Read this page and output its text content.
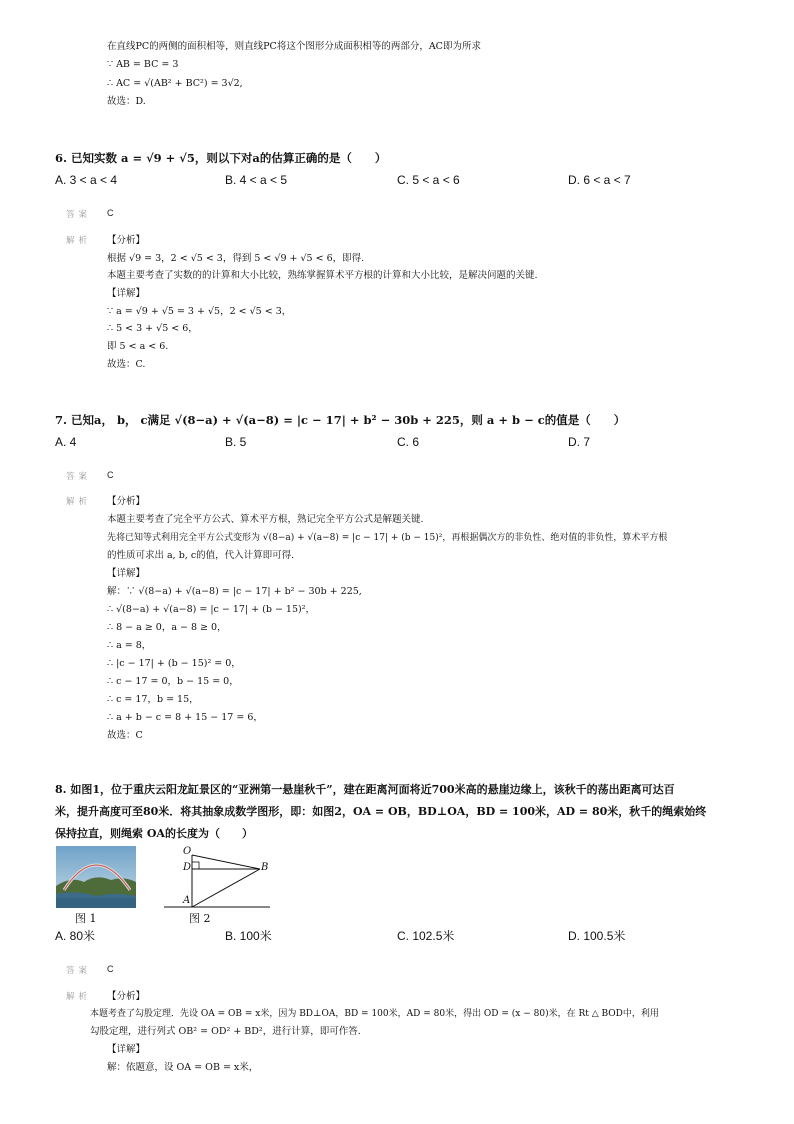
在直线PC的两侧的面积相等，则直线PC将这个图形分成面积相等的两部分，AC即为所求
∵ AB = BC = 3
∴ AC = √(AB² + BC²) = 3√2,
故选：D.
6. 已知实数 a = √9 + √5，则以下对a的估算正确的是（　　）
A. 3 < a < 4	B. 4 < a < 5	C. 5 < a < 6	D. 6 < a < 7
答案 C
解析 【分析】
根据 √9 = 3，2 < √5 < 3，得到 5 < √9 + √5 < 6，即得.
本题主要考查了实数的的计算和大小比较，熟练掌握算术平方根的计算和大小比较，是解决问题的关键.
【详解】
∵ a = √9 + √5 = 3 + √5，2 < √5 < 3，
∴ 5 < 3 + √5 < 6，
即 5 < a < 6.
故选：C.
7. 已知a， b， c满足 √(8−a) + √(a−8) = |c − 17| + b² − 30b + 225，则 a + b − c的值是（　　）
A. 4	B. 5	C. 6	D. 7
答案 C
解析 【分析】
本题主要考查了完全平方公式、算术平方根，熟记完全平方公式是解题关键.
先将已知等式利用完全平方公式变形为 √(8−a) + √(a−8) = |c − 17| + (b − 15)²，再根据偶次方的非负性、绝对值的非负性，算术平方根
的性质可求出 a, b, c的值，代入计算即可得.
【详解】
解：∵ √(8−a) + √(a−8) = |c − 17| + b² − 30b + 225,
∴ √(8−a) + √(a−8) = |c − 17| + (b − 15)²，
∴ 8 − a ≥ 0，a − 8 ≥ 0，
∴ a = 8，
∴ |c − 17| + (b − 15)² = 0，
∴ c − 17 = 0，b − 15 = 0，
∴ c = 17，b = 15，
∴ a + b − c = 8 + 15 − 17 = 6，
故选：C
8. 如图1，位于重庆云阳龙缸景区的“亚洲第一悬崖秋千”，建在距离河面将近700米高的悬崖边缘上，该秋千的荡出距离可达百
米，提升高度可至80米．将其抽象成数学图形，即：如图2，OA = OB，BD⊥OA，BD = 100米，AD = 80米，秋千的绳索始终
保持拉直，则绳索 OA的长度为（　　）
图 1
O
D	B
A
图 2
A. 80米	B. 100米	C. 102.5米	D. 100.5米
答案 C
解析 【分析】
本题考查了勾股定理．先设 OA = OB = x米，因为 BD⊥OA，BD = 100米，AD = 80米，得出 OD = (x − 80)米，在 Rt △ BOD中，利用
勾股定理，进行列式 OB² = OD² + BD²，进行计算，即可作答.
【详解】
解：依题意，设 OA = OB = x米，
